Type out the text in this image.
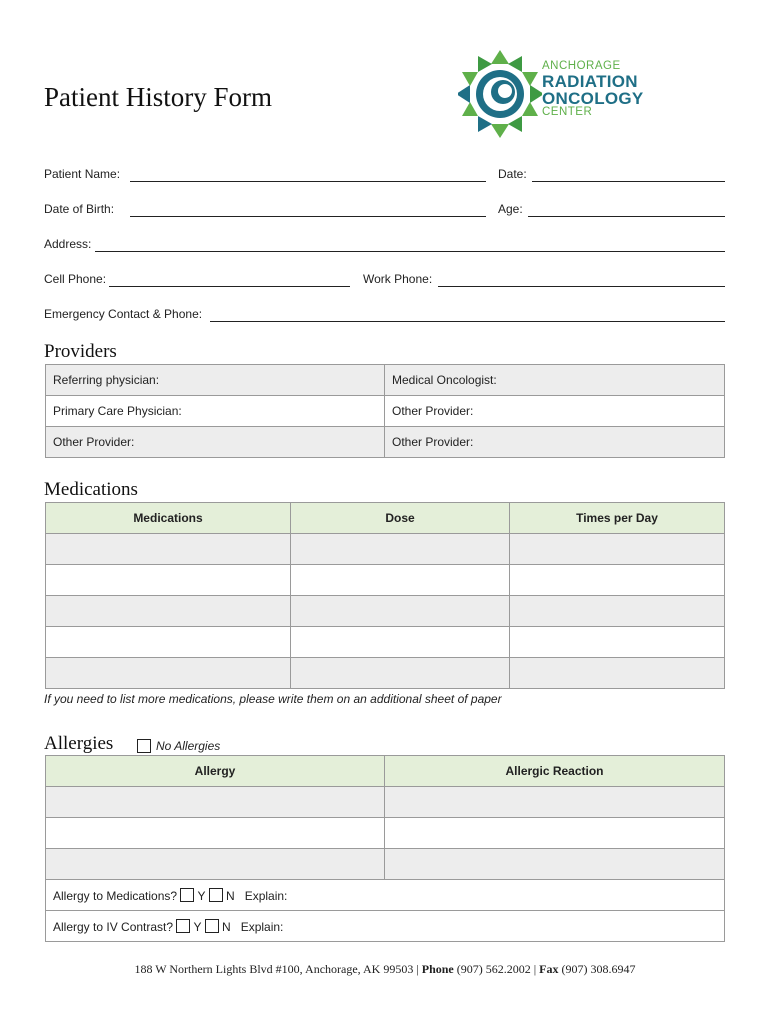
Patient History Form
ANCHORAGE
RADIATION
ONCOLOGY
CENTER
Patient Name:	Date:
Date of Birth:	Age:
Address:
Cell Phone:	Work Phone:
Emergency Contact & Phone:
Providers
Referring physician:	Medical Oncologist:
Primary Care Physician:	Other Provider:
Other Provider:	Other Provider:
Medications
Medications	Dose	Times per Day

If you need to list more medications, please write them on an additional sheet of paper
Allergies	No Allergies
Allergy	Allergic Reaction

Allergy to Medications? Y N Explain:	
Allergy to IV Contrast? Y N Explain:	
188 W Northern Lights Blvd #100, Anchorage, AK 99503 | Phone (907) 562.2002 | Fax (907) 308.6947
